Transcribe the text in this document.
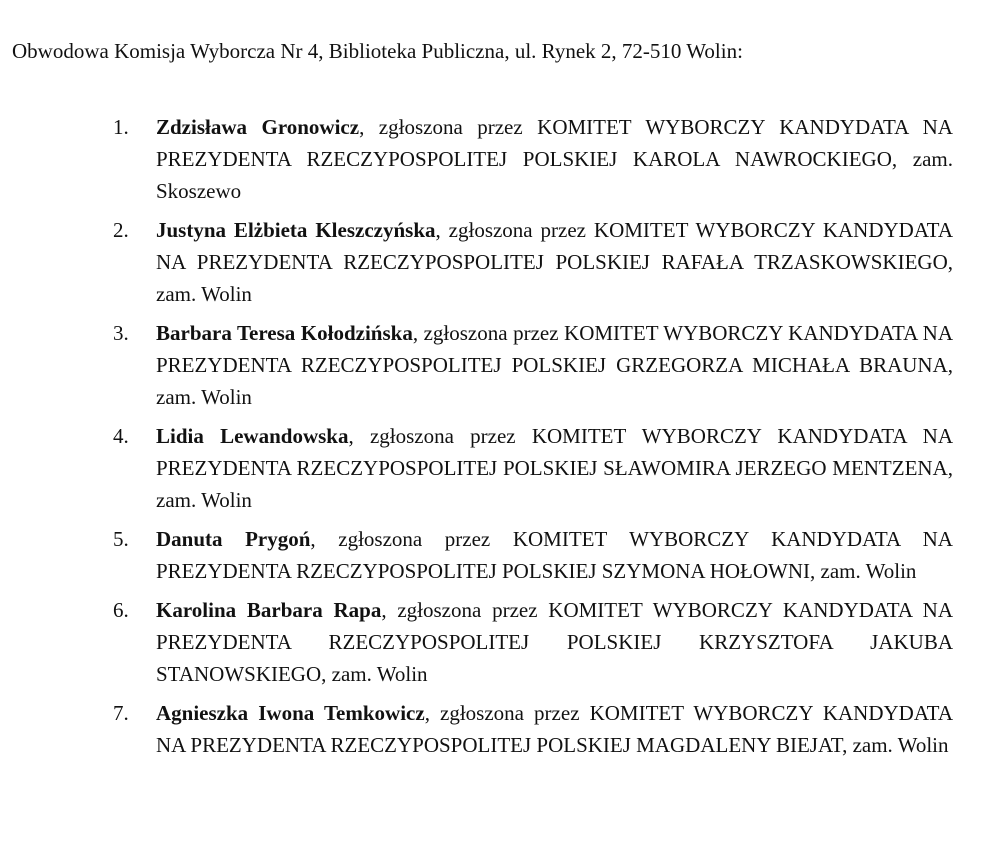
Obwodowa Komisja Wyborcza Nr 4, Biblioteka Publiczna, ul. Rynek 2, 72-510 Wolin:
1.	Zdzisława Gronowicz, zgłoszona przez KOMITET WYBORCZY KANDYDATA NA PREZYDENTA RZECZYPOSPOLITEJ POLSKIEJ KAROLA NAWROCKIEGO, zam. Skoszewo
2.	Justyna Elżbieta Kleszczyńska, zgłoszona przez KOMITET WYBORCZY KANDYDATA NA PREZYDENTA RZECZYPOSPOLITEJ POLSKIEJ RAFAŁA TRZASKOWSKIEGO, zam. Wolin
3.	Barbara Teresa Kołodzińska, zgłoszona przez KOMITET WYBORCZY KANDYDATA NA PREZYDENTA RZECZYPOSPOLITEJ POLSKIEJ GRZEGORZA MICHAŁA BRAUNA, zam. Wolin
4.	Lidia Lewandowska, zgłoszona przez KOMITET WYBORCZY KANDYDATA NA PREZYDENTA RZECZYPOSPOLITEJ POLSKIEJ SŁAWOMIRA JERZEGO MENTZENA, zam. Wolin
5.	Danuta Prygoń, zgłoszona przez KOMITET WYBORCZY KANDYDATA NA PREZYDENTA RZECZYPOSPOLITEJ POLSKIEJ SZYMONA HOŁOWNI, zam. Wolin
6.	Karolina Barbara Rapa, zgłoszona przez KOMITET WYBORCZY KANDYDATA NA PREZYDENTA RZECZYPOSPOLITEJ POLSKIEJ KRZYSZTOFA JAKUBA STANOWSKIEGO, zam. Wolin
7.	Agnieszka Iwona Temkowicz, zgłoszona przez KOMITET WYBORCZY KANDYDATA NA PREZYDENTA RZECZYPOSPOLITEJ POLSKIEJ MAGDALENY BIEJAT, zam. Wolin
